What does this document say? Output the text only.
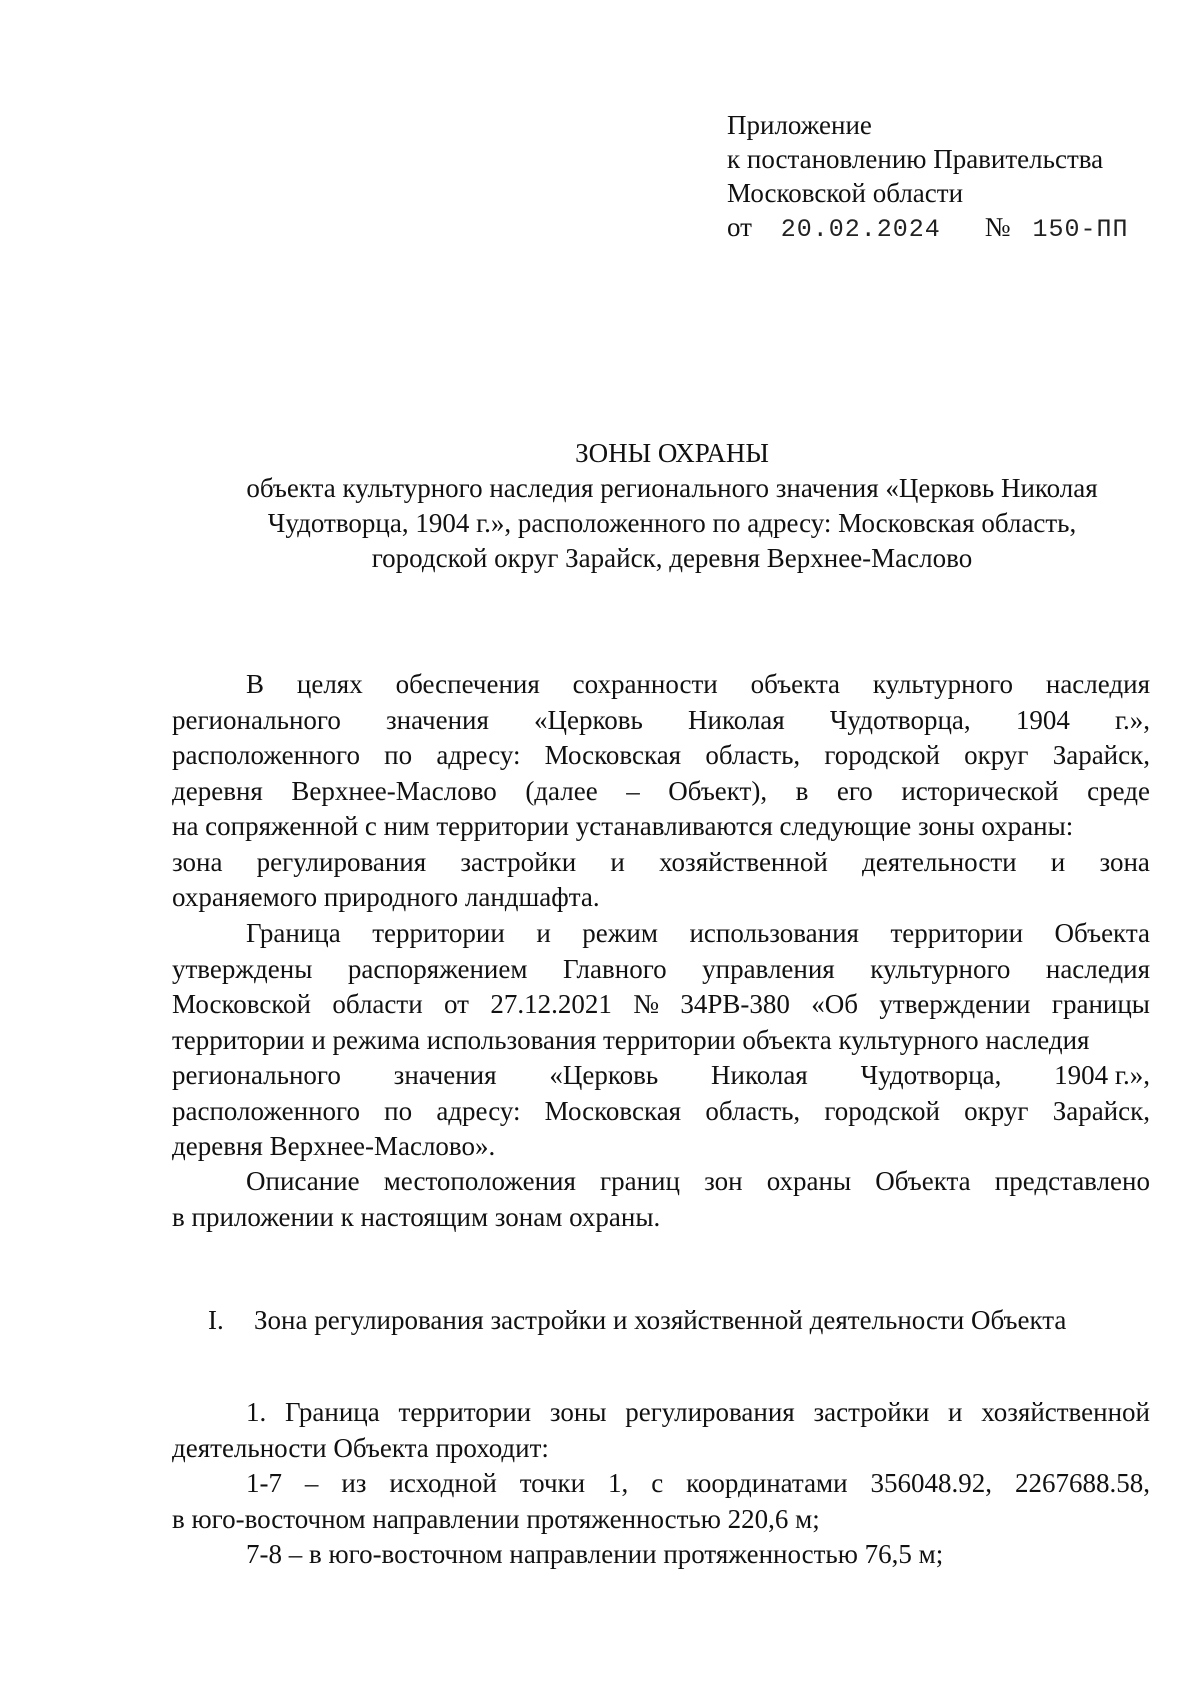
Приложение
к постановлению Правительства
Московской области
от 20.02.2024 № 150-ПП
ЗОНЫ ОХРАНЫ
объекта культурного наследия регионального значения «Церковь Николая
Чудотворца, 1904 г.», расположенного по адресу: Московская область,
городской округ Зарайск, деревня Верхнее-Маслово
В целях обеспечения сохранности объекта культурного наследия
регионального значения «Церковь Николая Чудотворца, 1904 г.»,
расположенного по адресу: Московская область, городской округ Зарайск,
деревня Верхнее-Маслово (далее – Объект), в его исторической среде
на сопряженной с ним территории устанавливаются следующие зоны охраны:
зона регулирования застройки и хозяйственной деятельности и зона
охраняемого природного ландшафта.
Граница территории и режим использования территории Объекта
утверждены распоряжением Главного управления культурного наследия
Московской области от 27.12.2021 № 34РВ-380 «Об утверждении границы
территории и режима использования территории объекта культурного наследия
регионального значения «Церковь Николая Чудотворца, 1904 г.»,
расположенного по адресу: Московская область, городской округ Зарайск,
деревня Верхнее-Маслово».
Описание местоположения границ зон охраны Объекта представлено
в приложении к настоящим зонам охраны.
I. Зона регулирования застройки и хозяйственной деятельности Объекта
1. Граница территории зоны регулирования застройки и хозяйственной
деятельности Объекта проходит:
1-7 – из исходной точки 1, с координатами 356048.92, 2267688.58,
в юго-восточном направлении протяженностью 220,6 м;
7-8 – в юго-восточном направлении протяженностью 76,5 м;
